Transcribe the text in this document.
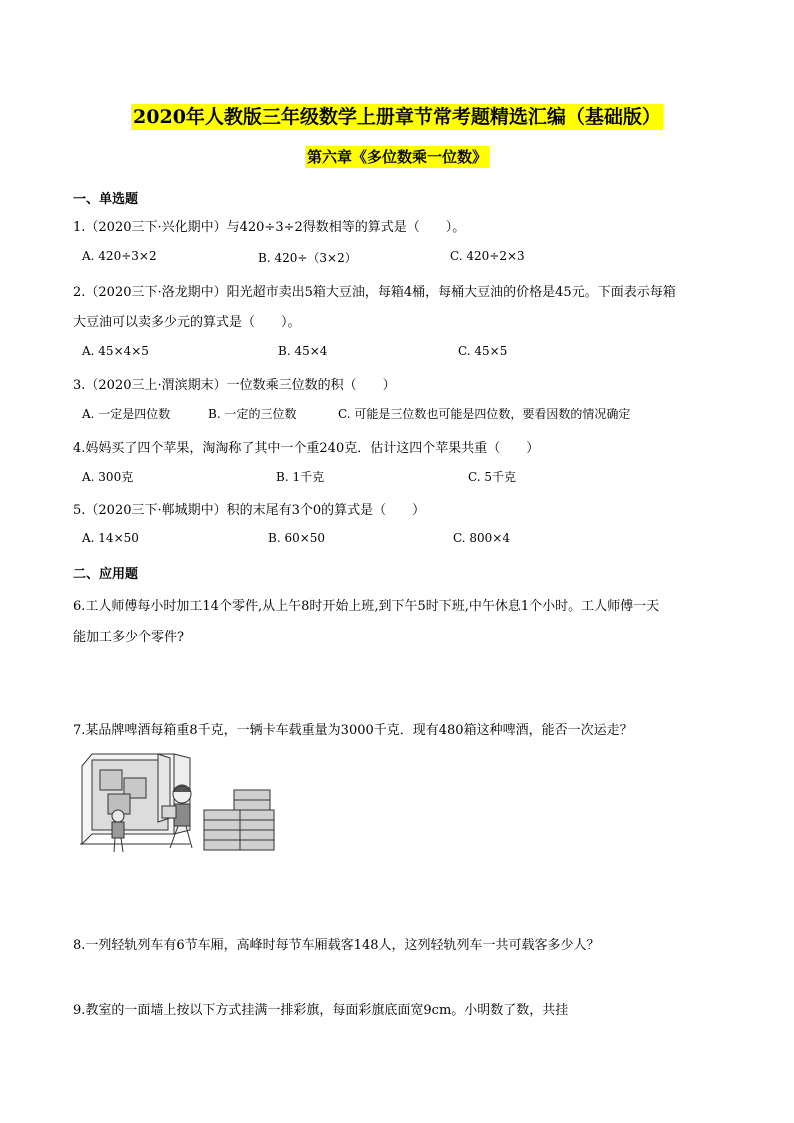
2020年人教版三年级数学上册章节常考题精选汇编（基础版）
第六章《多位数乘一位数》
一、单选题
1.（2020三下·兴化期中）与420÷3÷2得数相等的算式是（　　）。
A. 420÷3×2	B. 420÷（3×2）	C. 420÷2×3
2.（2020三下·洛龙期中）阳光超市卖出5箱大豆油，每箱4桶，每桶大豆油的价格是45元。下面表示每箱
大豆油可以卖多少元的算式是（　　）。
A. 45×4×5	B. 45×4	C. 45×5
3.（2020三上·渭滨期末）一位数乘三位数的积（　　）
A. 一定是四位数	B. 一定的三位数	C. 可能是三位数也可能是四位数，要看因数的情况确定
4.妈妈买了四个苹果，淘淘称了其中一个重240克．估计这四个苹果共重（　　）
A. 300克	B. 1千克	C. 5千克
5.（2020三下·郸城期中）积的末尾有3个0的算式是（　　）
A. 14×50	B. 60×50	C. 800×4
二、应用题
6.工人师傅每小时加工14个零件,从上午8时开始上班,到下午5时下班,中午休息1个小时。工人师傅一天
能加工多少个零件?
7.某品牌啤酒每箱重8千克，一辆卡车载重量为3000千克．现有480箱这种啤酒，能否一次运走？
8.一列轻轨列车有6节车厢，高峰时每节车厢载客148人，这列轻轨列车一共可载客多少人？
9.教室的一面墙上按以下方式挂满一排彩旗，每面彩旗底面宽9cm。小明数了数，共挂
